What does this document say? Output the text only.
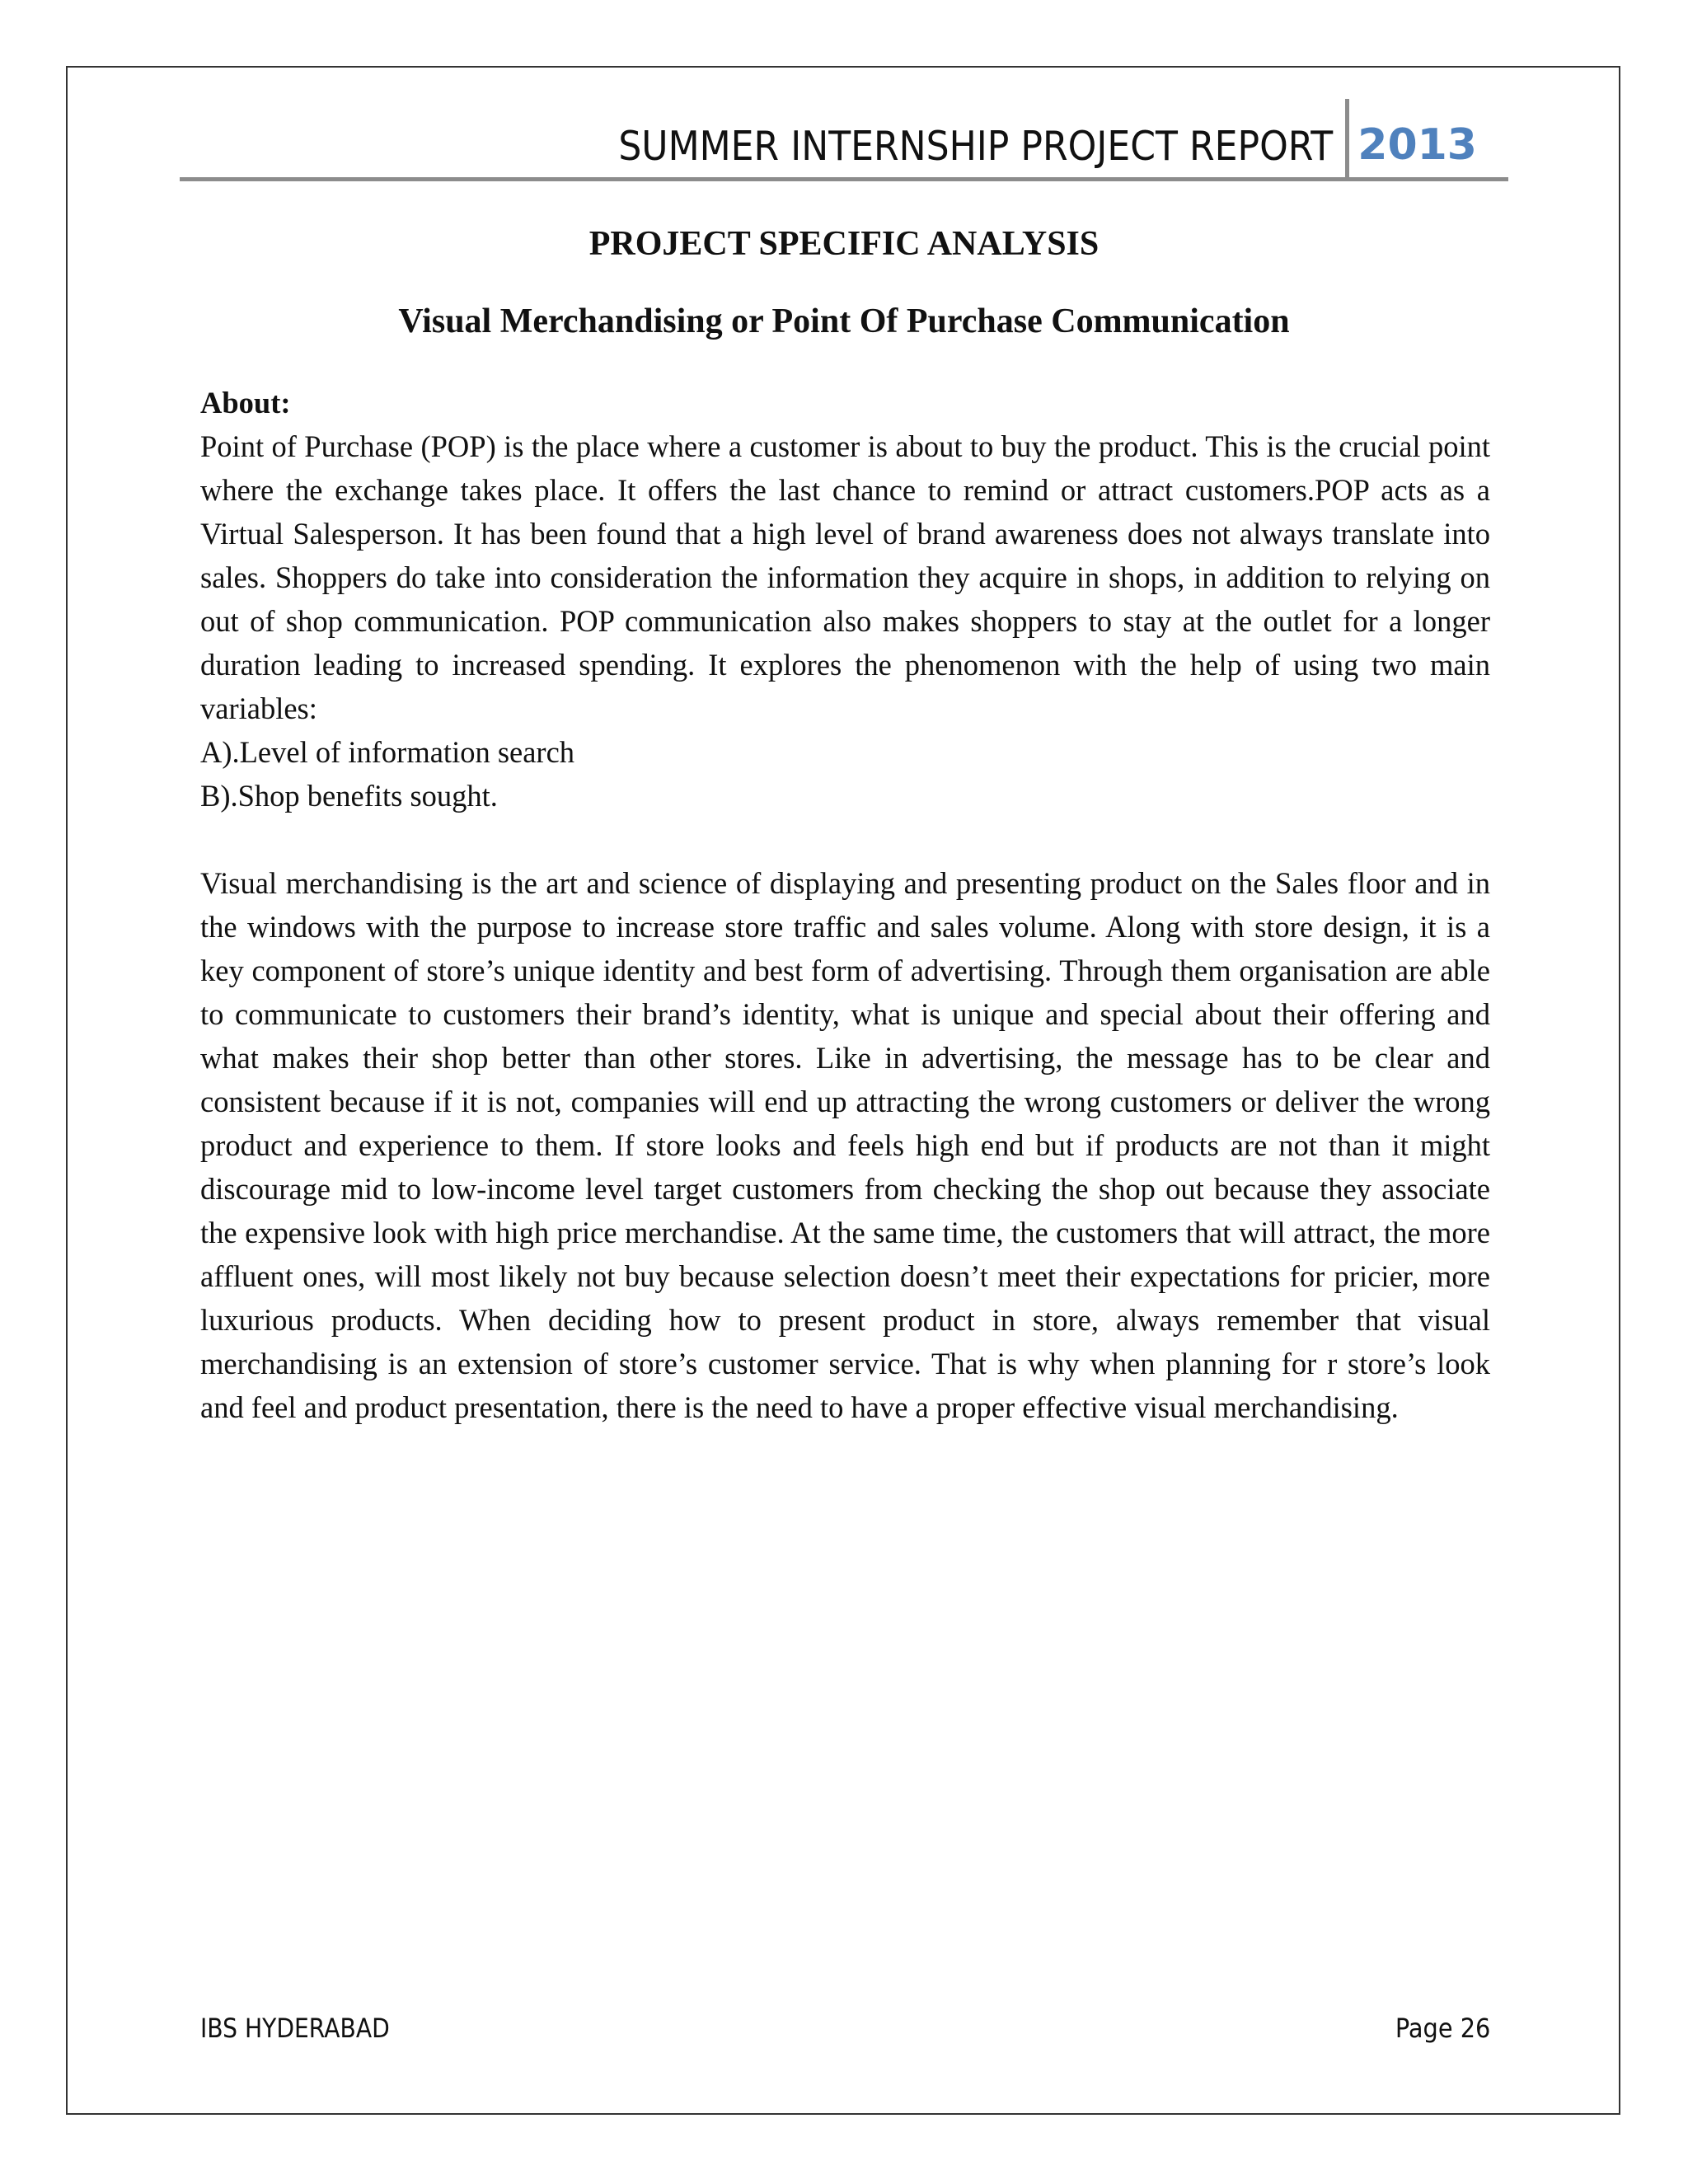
SUMMER INTERNSHIP PROJECT REPORT 2013
PROJECT SPECIFIC ANALYSIS
Visual Merchandising or Point Of Purchase Communication

About:

Point of Purchase (POP) is the place where a customer is about to buy the product. This is the crucial point where the exchange takes place. It offers the last chance to remind or attract customers.POP acts as a Virtual Salesperson. It has been found that a high level of brand awareness does not always translate into sales. Shoppers do take into consideration the information they acquire in shops, in addition to relying on out of shop communication. POP communication also makes shoppers to stay at the outlet for a longer duration leading to increased spending. It explores the phenomenon with the help of using two main variables:

A).Level of information search

B).Shop benefits sought.

Visual merchandising is the art and science of displaying and presenting product on the Sales floor and in the windows with the purpose to increase store traffic and sales volume. Along with store design, it is a key component of store’s unique identity and best form of advertising. Through them organisation are able to communicate to customers their brand’s identity, what is unique and special about their offering and what makes their shop better than other stores. Like in advertising, the message has to be clear and consistent because if it is not, companies will end up attracting the wrong customers or deliver the wrong product and experience to them. If store looks and feels high end but if products are not than it might discourage mid to low-income level target customers from checking the shop out because they associate the expensive look with high price merchandise. At the same time, the customers that will attract, the more affluent ones, will most likely not buy because selection doesn’t meet their expectations for pricier, more luxurious products. When deciding how to present product in store, always remember that visual merchandising is an extension of store’s customer service. That is why when planning for r store’s look and feel and product presentation, there is the need to have a proper effective visual merchandising.

IBS HYDERABAD	Page 26
